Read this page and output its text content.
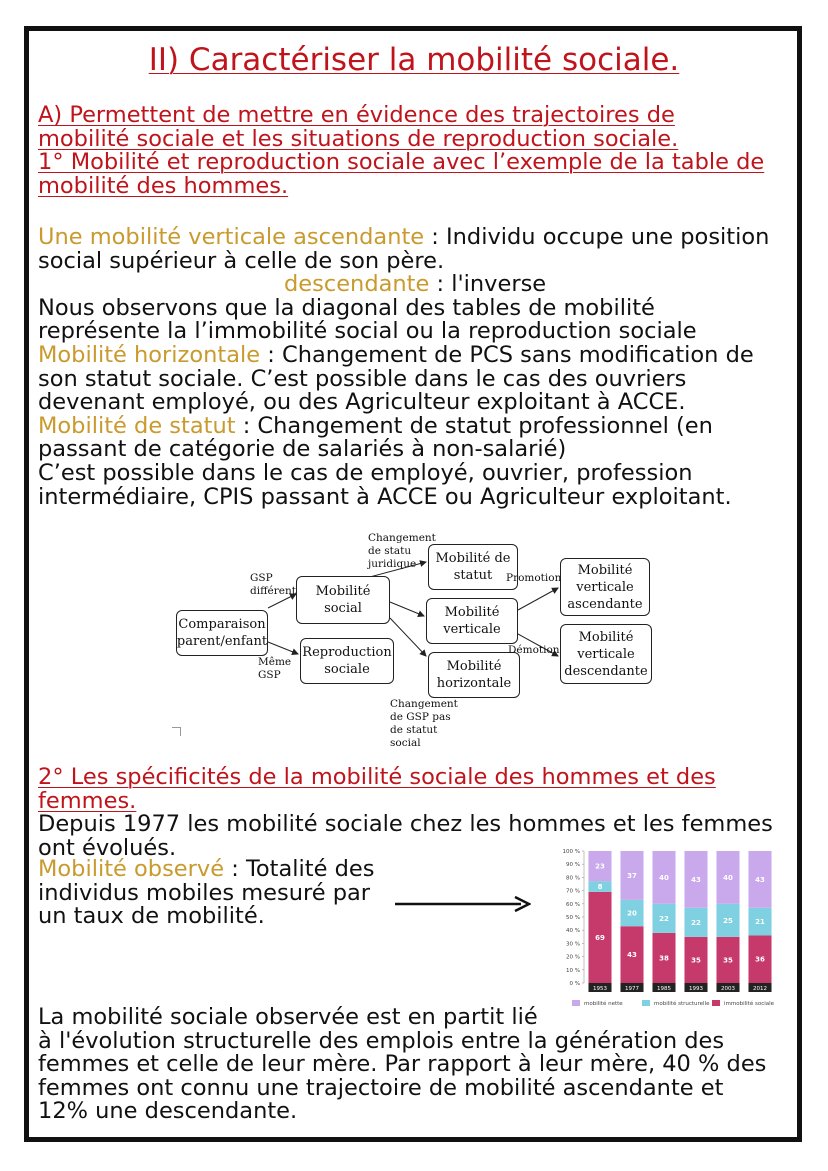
II) Caractériser la mobilité sociale.

A) Permettent de mettre en évidence des trajectoires de

mobilité sociale et les situations de reproduction sociale.

1° Mobilité et reproduction sociale avec l’exemple de la table de

mobilité des hommes.

Une mobilité verticale ascendante : Individu occupe une position

social supérieur à celle de son père.

descendante : l'inverse

Nous observons que la diagonal des tables de mobilité

représente la l’immobilité social ou la reproduction sociale

Mobilité horizontale : Changement de PCS sans modification de

son statut sociale. C’est possible dans le cas des ouvriers

devenant employé, ou des Agriculteur exploitant à ACCE.

Mobilité de statut : Changement de statut professionnel (en

passant de catégorie de salariés à non-salarié)

C’est possible dans le cas de employé, ouvrier, profession

intermédiaire, CPIS passant à ACCE ou Agriculteur exploitant.

Comparaison
parent/enfant
Mobilité
social
Reproduction
sociale
Mobilité de
statut
Mobilité
verticale
Mobilité
horizontale
Mobilité
verticale
ascendante
Mobilité
verticale
descendante
GSP
différent
Même
GSP
Changement
de statu
juridique
Promotion
Démotion
Changement
de GSP pas
de statut
social

2° Les spécificités de la mobilité sociale des hommes et des

femmes.

Depuis 1977 les mobilité sociale chez les hommes et les femmes

ont évolués.

Mobilité observé : Totalité des

individus mobiles mesuré par

un taux de mobilité.

0 %
10 %
20 %
30 %
40 %
50 %
60 %
70 %
80 %
90 %
100 %
69
8
23
1953
43
20
37
1977
38
22
40
1985
35
22
43
1993
35
25
40
2003
36
21
43
2012
mobilité nette	mobilité structurelle	immobilité sociale

La mobilité sociale observée est en partit lié

à l'évolution structurelle des emplois entre la génération des

femmes et celle de leur mère. Par rapport à leur mère, 40 % des

femmes ont connu une trajectoire de mobilité ascendante et

12% une descendante.
